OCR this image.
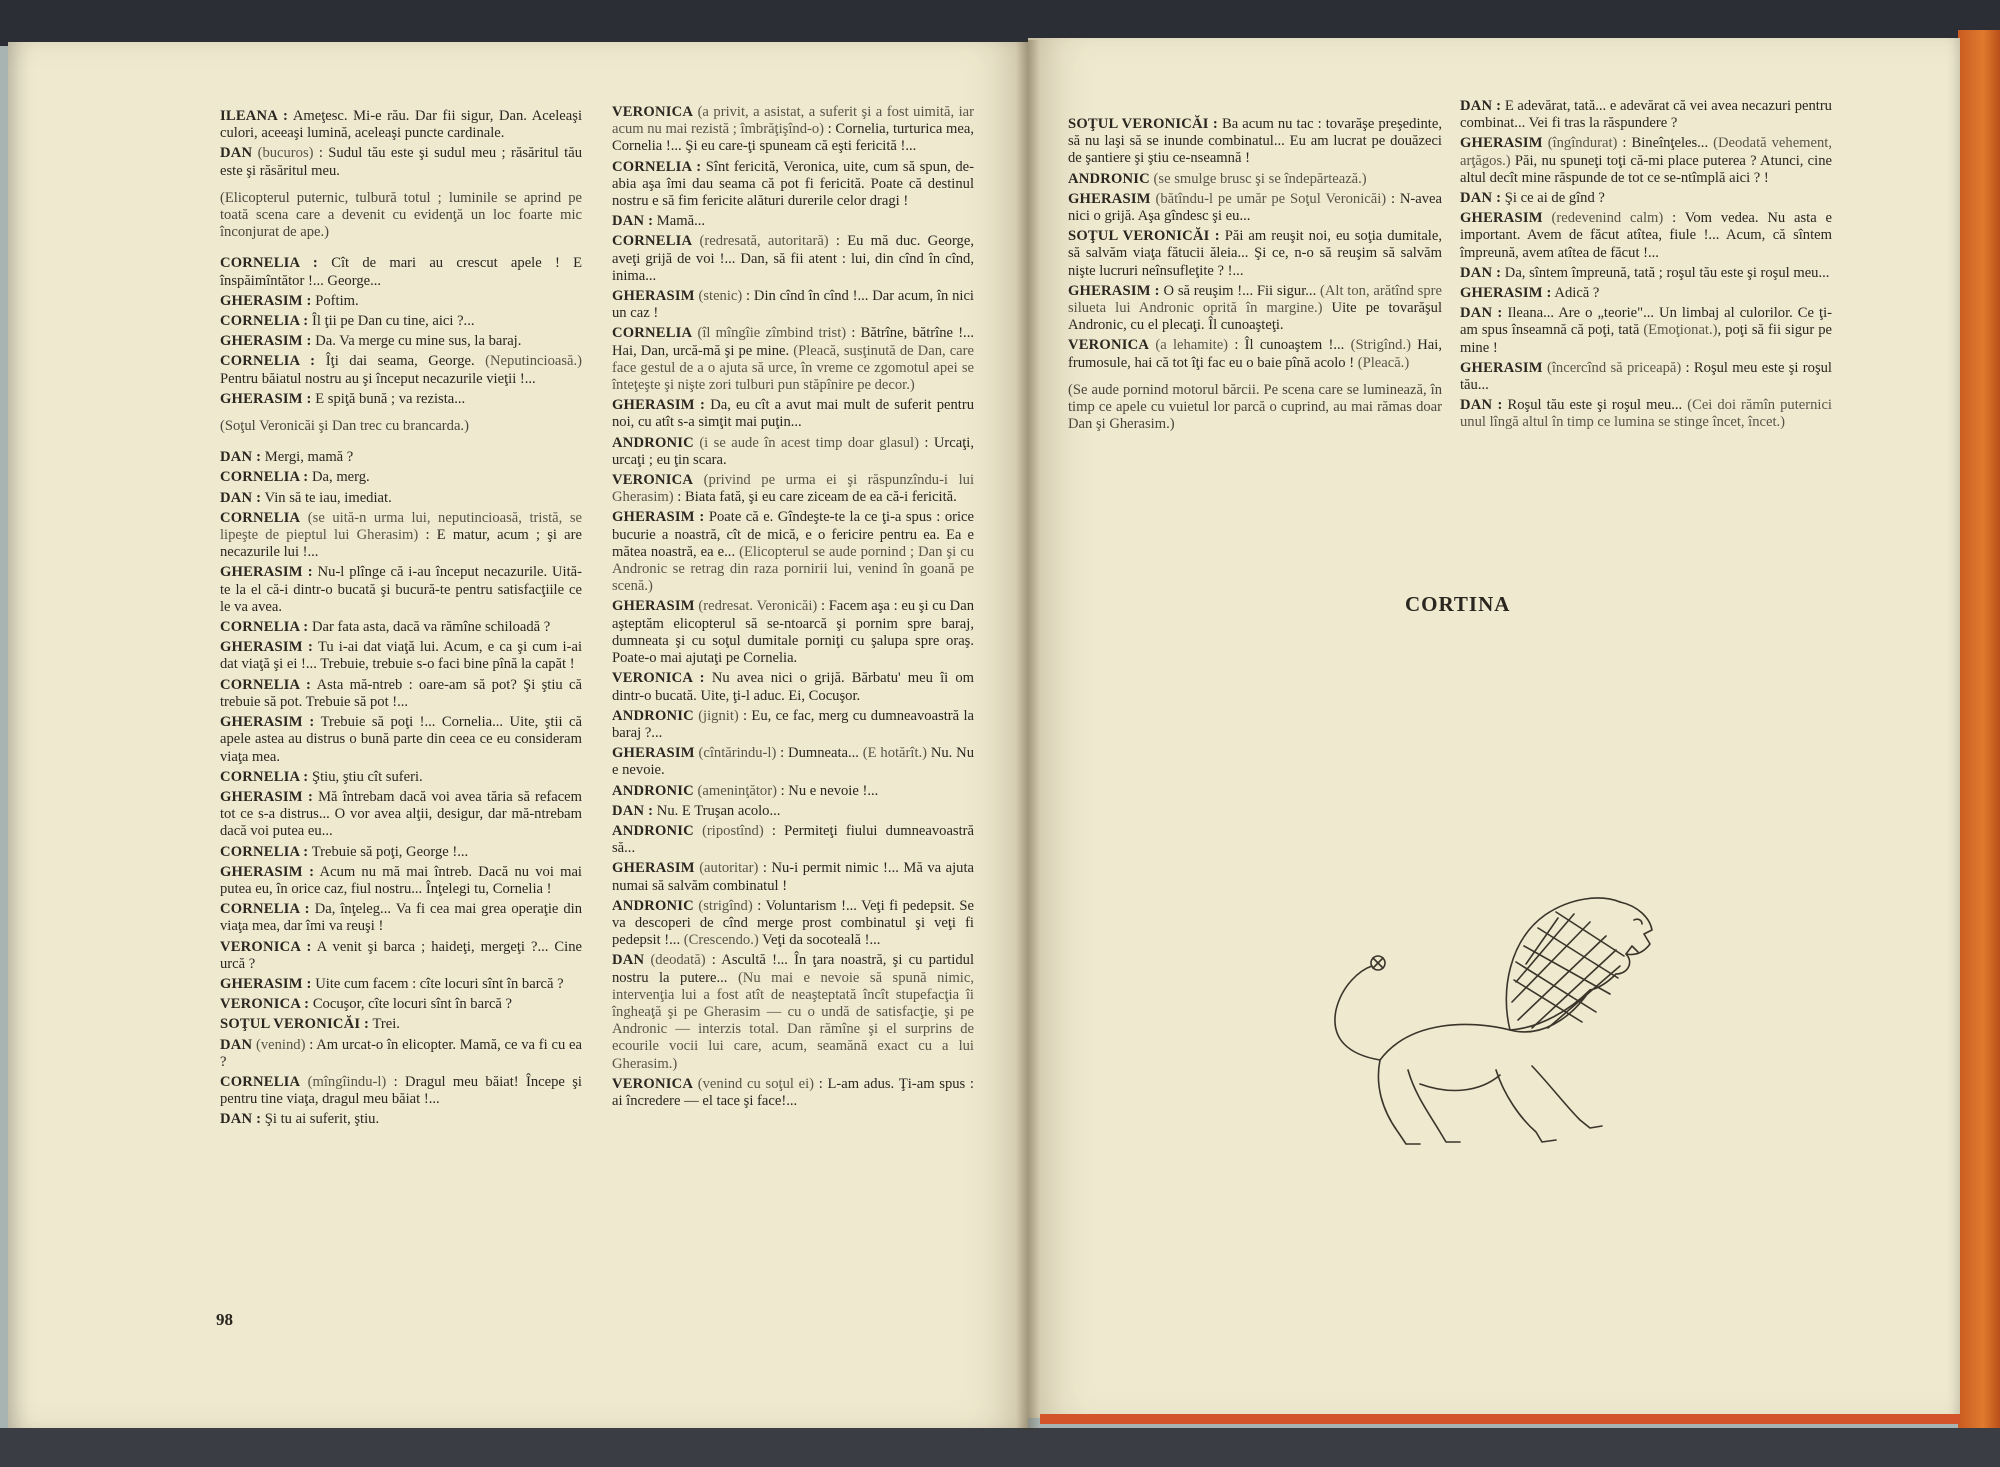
ILEANA : Ameţesc. Mi-e rău. Dar fii sigur, Dan. Aceleaşi culori, aceeaşi lumină, aceleaşi puncte cardinale.

DAN (bucuros) : Sudul tău este şi sudul meu ; răsăritul tău este şi răsăritul meu.

(Elicopterul puternic, tulbură totul ; luminile se aprind pe toată scena care a devenit cu evidenţă un loc foarte mic înconjurat de ape.)

CORNELIA : Cît de mari au crescut apele ! E înspăimîntător !... George...

GHERASIM : Poftim.

CORNELIA : Îl ţii pe Dan cu tine, aici ?...

GHERASIM : Da. Va merge cu mine sus, la baraj.

CORNELIA : Îţi dai seama, George. (Neputincioasă.) Pentru băiatul nostru au şi început necazurile vieţii !...

GHERASIM : E spiţă bună ; va rezista...

(Soţul Veronicăi şi Dan trec cu brancarda.)

DAN : Mergi, mamă ?

CORNELIA : Da, merg.

DAN : Vin să te iau, imediat.

CORNELIA (se uită-n urma lui, neputincioasă, tristă, se lipeşte de pieptul lui Gherasim) : E matur, acum ; şi are necazurile lui !...

GHERASIM : Nu-l plînge că i-au început necazurile. Uită-te la el că-i dintr-o bucată şi bucură-te pentru satisfacţiile ce le va avea.

CORNELIA : Dar fata asta, dacă va rămîne schiloadă ?

GHERASIM : Tu i-ai dat viaţă lui. Acum, e ca şi cum i-ai dat viaţă şi ei !... Trebuie, trebuie s-o faci bine pînă la capăt !

CORNELIA : Asta mă-ntreb : oare-am să pot? Şi ştiu că trebuie să pot. Trebuie să pot !...

GHERASIM : Trebuie să poţi !... Cornelia... Uite, ştii că apele astea au distrus o bună parte din ceea ce eu consideram viaţa mea.

CORNELIA : Ştiu, ştiu cît suferi.

GHERASIM : Mă întrebam dacă voi avea tăria să refacem tot ce s-a distrus... O vor avea alţii, desigur, dar mă-ntrebam dacă voi putea eu...

CORNELIA : Trebuie să poţi, George !...

GHERASIM : Acum nu mă mai întreb. Dacă nu voi mai putea eu, în orice caz, fiul nostru... Înţelegi tu, Cornelia !

CORNELIA : Da, înţeleg... Va fi cea mai grea operaţie din viaţa mea, dar îmi va reuşi !

VERONICA : A venit şi barca ; haideţi, mergeţi ?... Cine urcă ?

GHERASIM : Uite cum facem : cîte locuri sînt în barcă ?

VERONICA : Cocuşor, cîte locuri sînt în barcă ?

SOŢUL VERONICĂI : Trei.

DAN (venind) : Am urcat-o în elicopter. Mamă, ce va fi cu ea ?

CORNELIA (mîngîindu-l) : Dragul meu băiat! Începe şi pentru tine viaţa, dragul meu băiat !...

DAN : Şi tu ai suferit, ştiu.

VERONICA (a privit, a asistat, a suferit şi a fost uimită, iar acum nu mai rezistă ; îmbrăţişînd-o) : Cornelia, turturica mea, Cornelia !... Şi eu care-ţi spuneam că eşti fericită !...

CORNELIA : Sînt fericită, Veronica, uite, cum să spun, de-abia aşa îmi dau seama că pot fi fericită. Poate că destinul nostru e să fim fericite alături durerile celor dragi !

DAN : Mamă...

CORNELIA (redresată, autoritară) : Eu mă duc. George, aveţi grijă de voi !... Dan, să fii atent : lui, din cînd în cînd, inima...

GHERASIM (stenic) : Din cînd în cînd !... Dar acum, în nici un caz !

CORNELIA (îl mîngîie zîmbind trist) : Bătrîne, bătrîne !... Hai, Dan, urcă-mă şi pe mine. (Pleacă, susţinută de Dan, care face gestul de a o ajuta să urce, în vreme ce zgomotul apei se înteţeşte şi nişte zori tulburi pun stăpînire pe decor.)

GHERASIM : Da, eu cît a avut mai mult de suferit pentru noi, cu atît s-a simţit mai puţin...

ANDRONIC (i se aude în acest timp doar glasul) : Urcaţi, urcaţi ; eu ţin scara.

VERONICA (privind pe urma ei şi răspunzîndu-i lui Gherasim) : Biata fată, şi eu care ziceam de ea că-i fericită.

GHERASIM : Poate că e. Gîndeşte-te la ce ţi-a spus : orice bucurie a noastră, cît de mică, e o fericire pentru ea. Ea e mătea noastră, ea e... (Elicopterul se aude pornind ; Dan şi cu Andronic se retrag din raza pornirii lui, venind în goană pe scenă.)

GHERASIM (redresat. Veronicăi) : Facem aşa : eu şi cu Dan aşteptăm elicopterul să se-ntoarcă şi pornim spre baraj, dumneata şi cu soţul dumitale porniţi cu şalupa spre oraş. Poate-o mai ajutaţi pe Cornelia.

VERONICA : Nu avea nici o grijă. Bărbatu' meu îi om dintr-o bucată. Uite, ţi-l aduc. Ei, Cocuşor.

ANDRONIC (jignit) : Eu, ce fac, merg cu dumneavoastră la baraj ?...

GHERASIM (cîntărindu-l) : Dumneata... (E hotărît.) Nu. Nu e nevoie.

ANDRONIC (ameninţător) : Nu e nevoie !...

DAN : Nu. E Truşan acolo...

ANDRONIC (ripostînd) : Permiteţi fiului dumneavoastră să...

GHERASIM (autoritar) : Nu-i permit nimic !... Mă va ajuta numai să salvăm combinatul !

ANDRONIC (strigînd) : Voluntarism !... Veţi fi pedepsit. Se va descoperi de cînd merge prost combinatul şi veţi fi pedepsit !... (Crescendo.) Veţi da socoteală !...

DAN (deodată) : Ascultă !... În ţara noastră, şi cu partidul nostru la putere... (Nu mai e nevoie să spună nimic, intervenţia lui a fost atît de neaşteptată încît stupefacţia îi îngheaţă şi pe Gherasim — cu o undă de satisfacţie, şi pe Andronic — interzis total. Dan rămîne şi el surprins de ecourile vocii lui care, acum, seamănă exact cu a lui Gherasim.)

VERONICA (venind cu soţul ei) : L-am adus. Ţi-am spus : ai încredere — el tace şi face!...

98

SOŢUL VERONICĂI : Ba acum nu tac : tovarăşe preşedinte, să nu laşi să se inunde combinatul... Eu am lucrat pe douăzeci de şantiere şi ştiu ce-nseamnă !

ANDRONIC (se smulge brusc şi se îndepărtează.)

GHERASIM (bătîndu-l pe umăr pe Soţul Veronicăi) : N-avea nici o grijă. Aşa gîndesc şi eu...

SOŢUL VERONICĂI : Păi am reuşit noi, eu soţia dumitale, să salvăm viaţa fătucii ăleia... Şi ce, n-o să reuşim să salvăm nişte lucruri neînsufleţite ? !...

GHERASIM : O să reuşim !... Fii sigur... (Alt ton, arătînd spre silueta lui Andronic oprită în margine.) Uite pe tovarăşul Andronic, cu el plecaţi. Îl cunoaşteţi.

VERONICA (a lehamite) : Îl cunoaştem !... (Strigînd.) Hai, frumosule, hai că tot îţi fac eu o baie pînă acolo ! (Pleacă.)

(Se aude pornind motorul bărcii. Pe scena care se luminează, în timp ce apele cu vuietul lor parcă o cuprind, au mai rămas doar Dan şi Gherasim.)

DAN : E adevărat, tată... e adevărat că vei avea necazuri pentru combinat... Vei fi tras la răspundere ?

GHERASIM (îngîndurat) : Bineînţeles... (Deodată vehement, arţăgos.) Păi, nu spuneţi toţi că-mi place puterea ? Atunci, cine altul decît mine răspunde de tot ce se-ntîmplă aici ? !

DAN : Şi ce ai de gînd ?

GHERASIM (redevenind calm) : Vom vedea. Nu asta e important. Avem de făcut atîtea, fiule !... Acum, că sîntem împreună, avem atîtea de făcut !...

DAN : Da, sîntem împreună, tată ; roşul tău este şi roşul meu...

GHERASIM : Adică ?

DAN : Ileana... Are o „teorie"... Un limbaj al culorilor. Ce ţi-am spus înseamnă că poţi, tată (Emoţionat.), poţi să fii sigur pe mine !

GHERASIM (încercînd să priceapă) : Roşul meu este şi roşul tău...

DAN : Roşul tău este şi roşul meu... (Cei doi rămîn puternici unul lîngă altul în timp ce lumina se stinge încet, încet.)

CORTINA
